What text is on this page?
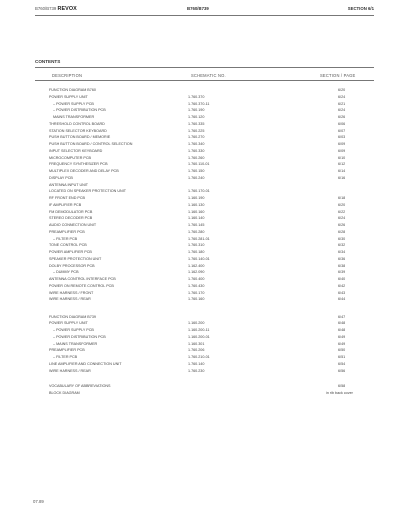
B760/B739 REVOX	B760/B739	SECTION 6/1
CONTENTS
DESCRIPTION	SCHEMATIC NO.	SECTION / PAGE
FUNCTION DIAGRAM B760	6/20
POWER SUPPLY UNIT	1.760.370	6/24
– POWER SUPPLY PCB	1.760.370-11	6/21
– POWER DISTRIBUTION PCB	1.760.190	6/24
MAINS TRANSFORMER	1.760.120	6/26
THRESHOLD CONTROL BOARD	1.760.335	6/06
STATION SELECTOR KEYBOARD	1.760.225	6/07
PUSH BUTTON BOARD / MEMORIE	1.760.270	6/03
PUSH BUTTON BOARD / CONTROL SELECTION	1.760.340	6/09
INPUT SELECTOR KEYBOARD	1.760.330	6/09
MICROCOMPUTER PCB	1.760.260	6/10
FREQUENCY SYNTHESIZER PCB	1.760.110-01	6/12
MULTIPLEX DECODER AND DELAY PCB	1.760.150	6/14
DISPLAY PCB	1.760.240	6/16
ANTENNA INPUT UNIT
LOCATED ON SPEAKER PROTECTION UNIT	1.760.170-01
RF FRONT END PCB	1.160.190	6/18
IF AMPLIFIER PCB	1.160.130	6/20
FM DEMODULATOR PCB	1.160.160	6/22
STEREO DECODER PCB	1.160.140	6/24
AUDIO CONNECTION UNIT	1.760.145	6/26
PREAMPLIFIER PCB	1.760.280	6/28
– FILTER PCB	1.760.281-01	6/30
TONE CONTROL PCB	1.760.310	6/32
POWER AMPLIFIER PCB	1.760.180	6/34
SPEAKER PROTECTION UNIT	1.760.140-01	6/36
DOLBY PROCESSOR PCB	1.162.400	6/38
– DUMMY PCB	1.162.090	6/39
ANTENNA CONTROL INTERFACE PCB	1.760.400	6/40
POWER ON REMOTE CONTROL PCB	1.760.430	6/42
WIRE HARNESS / FRONT	1.760.170	6/43
WIRE HARNESS / REAR	1.760.160	6/44
FUNCTION DIAGRAM B739	6/47
POWER SUPPLY UNIT	1.160.200	6/48
– POWER SUPPLY PCB	1.160.200-11	6/48
– POWER DISTRIBUTION PCB	1.160.200-01	6/49
– MAINS TRANSFORMER	1.160.301	6/49
PREAMPLIFIER PCB	1.760.206	6/50
– FILTER PCB	1.760.210-01	6/51
LINE AMPLIFIER AND CONNECTION UNIT	1.760.140	6/54
WIRE HARNESS / REAR	1.760.230	6/56
VOCABULARY OF ABBREVIATIONS	6/58
BLOCK DIAGRAM	in rib back cover
07.89
